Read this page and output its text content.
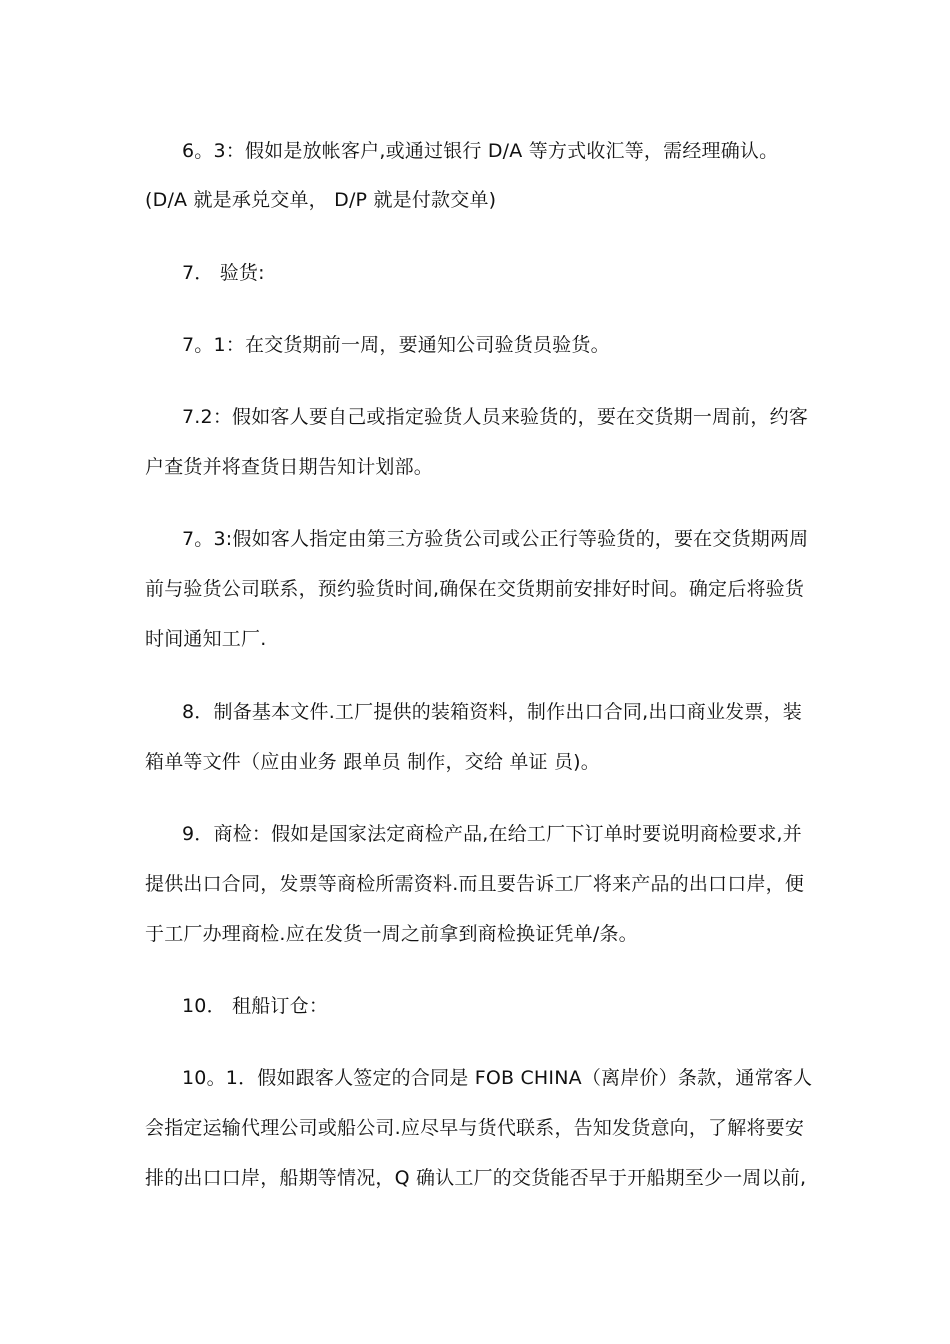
6。3：假如是放帐客户,或通过银行 D/A 等方式收汇等，需经理确认。
(D/A 就是承兑交单， D/P 就是付款交单)
7． 验货:
7。1：在交货期前一周，要通知公司验货员验货。
7.2：假如客人要自己或指定验货人员来验货的，要在交货期一周前，约客
户查货并将查货日期告知计划部。
7。3:假如客人指定由第三方验货公司或公正行等验货的，要在交货期两周
前与验货公司联系，预约验货时间,确保在交货期前安排好时间。确定后将验货
时间通知工厂.
8．制备基本文件.工厂提供的装箱资料，制作出口合同,出口商业发票，装
箱单等文件（应由业务 跟单员 制作，交给 单证 员)。
9．商检：假如是国家法定商检产品,在给工厂下订单时要说明商检要求,并
提供出口合同，发票等商检所需资料.而且要告诉工厂将来产品的出口口岸，便
于工厂办理商检.应在发货一周之前拿到商检换证凭单/条。
10． 租船订仓：
10。1．假如跟客人签定的合同是 FOB CHINA（离岸价）条款，通常客人
会指定运输代理公司或船公司.应尽早与货代联系，告知发货意向，了解将要安
排的出口口岸，船期等情况，Q 确认工厂的交货能否早于开船期至少一周以前,
